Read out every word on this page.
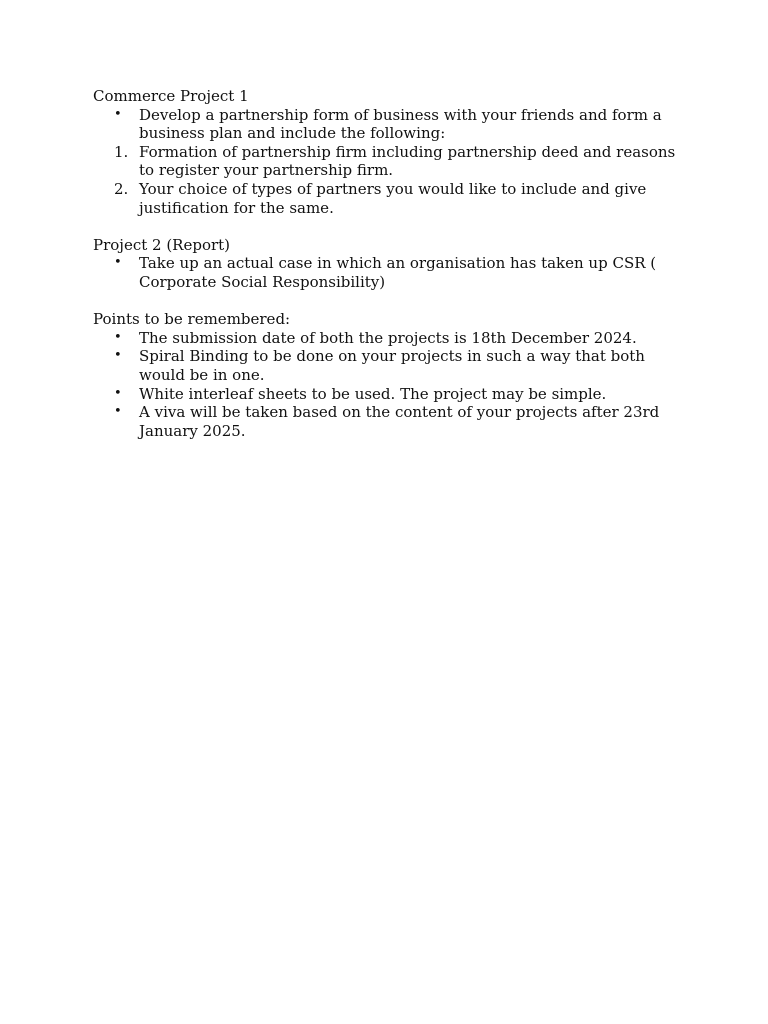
Commerce Project 1

•	Develop a partnership form of business with your friends and form a business plan and include the following:
1. Formation of partnership firm including partnership deed and reasons to register your partnership firm.
2. Your choice of types of partners you would like to include and give justification for the same.

Project 2 (Report)

•	Take up an actual case in which an organisation has taken up CSR ( Corporate Social Responsibility)

Points to be remembered:

•	The submission date of both the projects is 18th December 2024.
•	Spiral Binding to be done on your projects in such a way that both would be in one.
•	White interleaf sheets to be used. The project may be simple.
•	A viva will be taken based on the content of your projects after 23rd January 2025.
